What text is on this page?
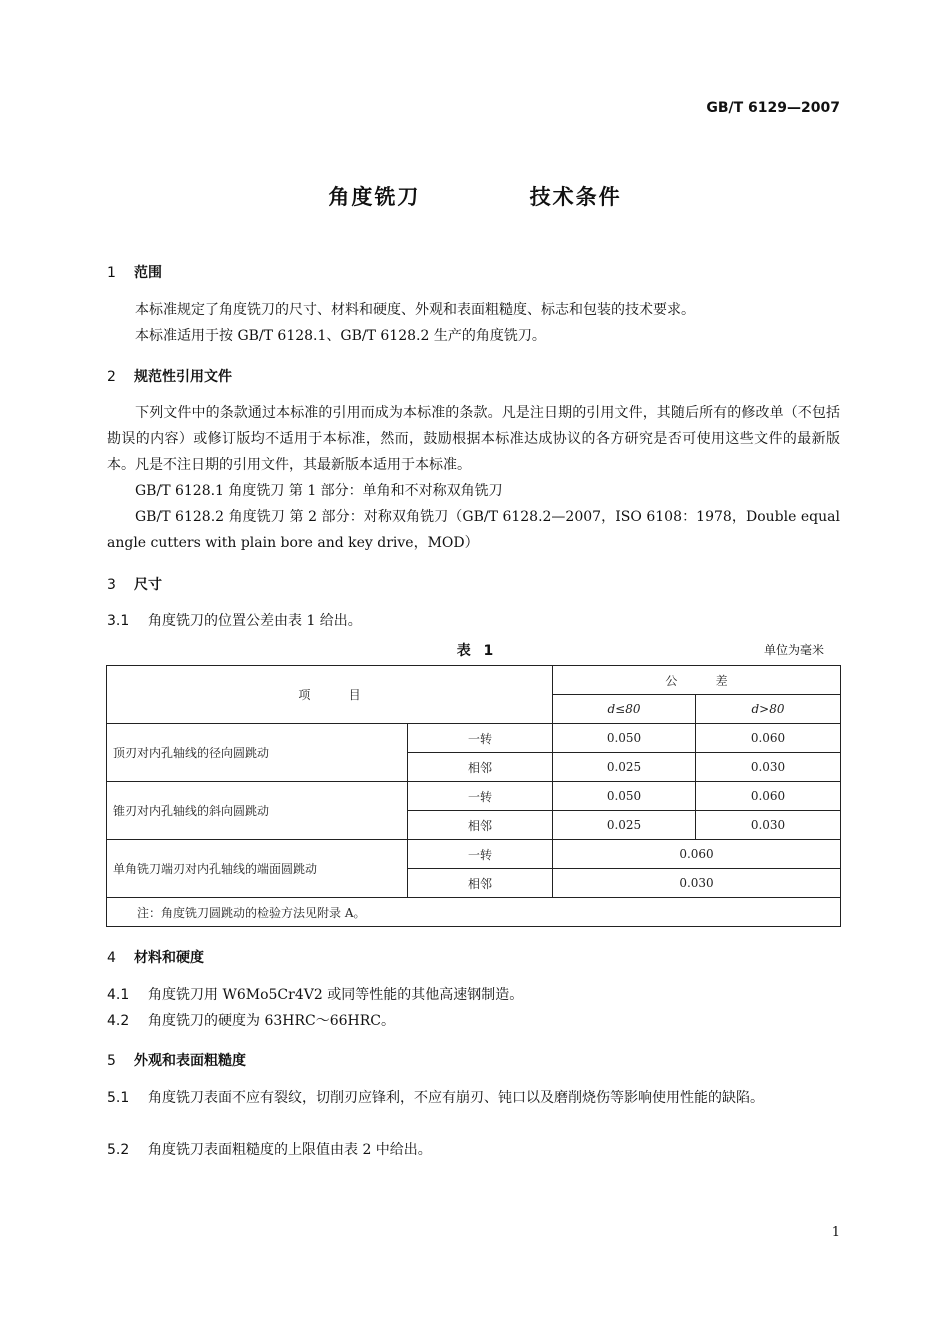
GB/T 6129—2007
角度铣刀    技术条件
1 范围
本标准规定了角度铣刀的尺寸、材料和硬度、外观和表面粗糙度、标志和包装的技术要求。
本标准适用于按 GB/T 6128.1、GB/T 6128.2 生产的角度铣刀。
2 规范性引用文件
下列文件中的条款通过本标准的引用而成为本标准的条款。凡是注日期的引用文件，其随后所有的修改单（不包括勘误的内容）或修订版均不适用于本标准，然而，鼓励根据本标准达成协议的各方研究是否可使用这些文件的最新版本。凡是不注日期的引用文件，其最新版本适用于本标准。
GB/T 6128.1 角度铣刀 第 1 部分：单角和不对称双角铣刀
GB/T 6128.2 角度铣刀 第 2 部分：对称双角铣刀（GB/T 6128.2—2007，ISO 6108：1978，Double equal angle cutters with plain bore and key drive，MOD）
3 尺寸
3.1 角度铣刀的位置公差由表 1 给出。
表 1	单位为毫米
项          目		公          差	
		d≤80	d>80
顶刃对内孔轴线的径向圆跳动	一转	0.050	0.060
	相邻	0.025	0.030
锥刃对内孔轴线的斜向圆跳动	一转	0.050	0.060
	相邻	0.025	0.030
单角铣刀端刃对内孔轴线的端面圆跳动	一转	0.060	
	相邻	0.030	
注：角度铣刀圆跳动的检验方法见附录 A。			
4 材料和硬度
4.1 角度铣刀用 W6Mo5Cr4V2 或同等性能的其他高速钢制造。
4.2 角度铣刀的硬度为 63HRC～66HRC。
5 外观和表面粗糙度
5.1 角度铣刀表面不应有裂纹，切削刃应锋利，不应有崩刃、钝口以及磨削烧伤等影响使用性能的缺陷。
5.2 角度铣刀表面粗糙度的上限值由表 2 中给出。
1
